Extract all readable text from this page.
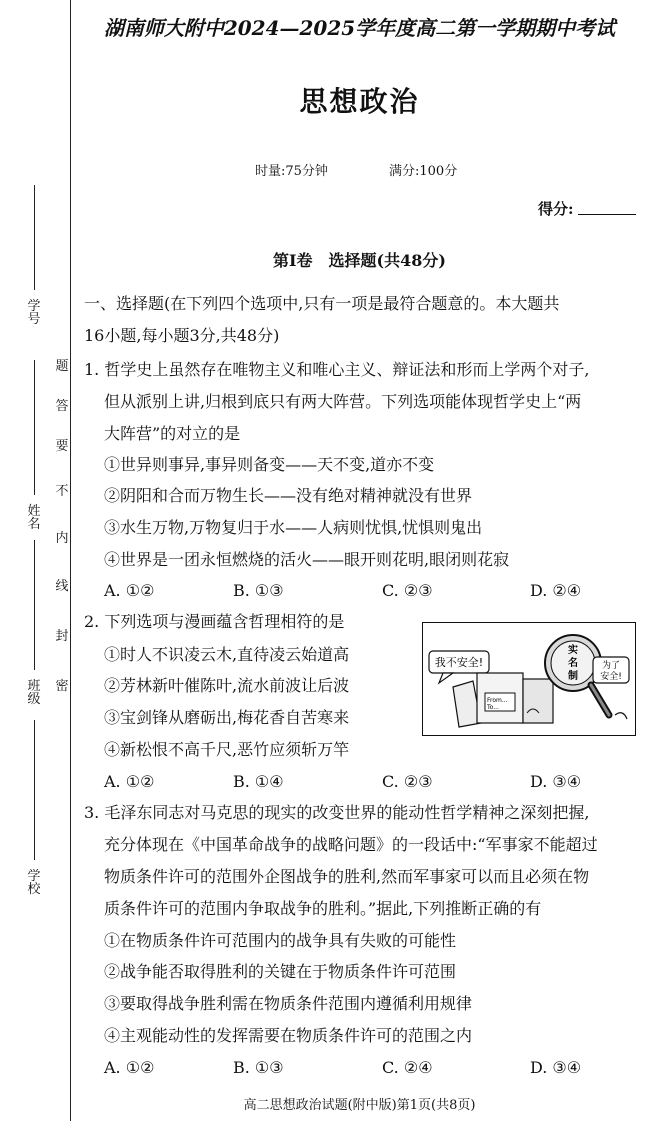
学号
姓名
班级
学校
密
封
线
内
不
要
答
题
湖南师大附中2024—2025学年度高二第一学期期中考试
思想政治
时量:75分钟	满分:100分
得分:
第Ⅰ卷　选择题(共48分)
一、选择题(在下列四个选项中,只有一项是最符合题意的。本大题共
16小题,每小题3分,共48分)
1. 哲学史上虽然存在唯物主义和唯心主义、辩证法和形而上学两个对子,
但从派别上讲,归根到底只有两大阵营。下列选项能体现哲学史上“两
大阵营”的对立的是
①世异则事异,事异则备变——天不变,道亦不变
②阴阳和合而万物生长——没有绝对精神就没有世界
③水生万物,万物复归于水——人病则忧惧,忧惧则鬼出
④世界是一团永恒燃烧的活火——眼开则花明,眼闭则花寂
A. ①②	B. ①③	C. ②③	D. ②④
2. 下列选项与漫画蕴含哲理相符的是
①时人不识凌云木,直待凌云始道高
②芳林新叶催陈叶,流水前波让后波
③宝剑锋从磨砺出,梅花香自苦寒来
④新松恨不高千尺,恶竹应须斩万竿
A. ①②	B. ①④	C. ②③	D. ③④
我不安全!
From...
To...
实
名
制
为了
安全!
3. 毛泽东同志对马克思的现实的改变世界的能动性哲学精神之深刻把握,
充分体现在《中国革命战争的战略问题》的一段话中:“军事家不能超过
物质条件许可的范围外企图战争的胜利,然而军事家可以而且必须在物
质条件许可的范围内争取战争的胜利。”据此,下列推断正确的有
①在物质条件许可范围内的战争具有失败的可能性
②战争能否取得胜利的关键在于物质条件许可范围
③要取得战争胜利需在物质条件范围内遵循利用规律
④主观能动性的发挥需要在物质条件许可的范围之内
A. ①②	B. ①③	C. ②④	D. ③④
高二思想政治试题(附中版)第1页(共8页)
